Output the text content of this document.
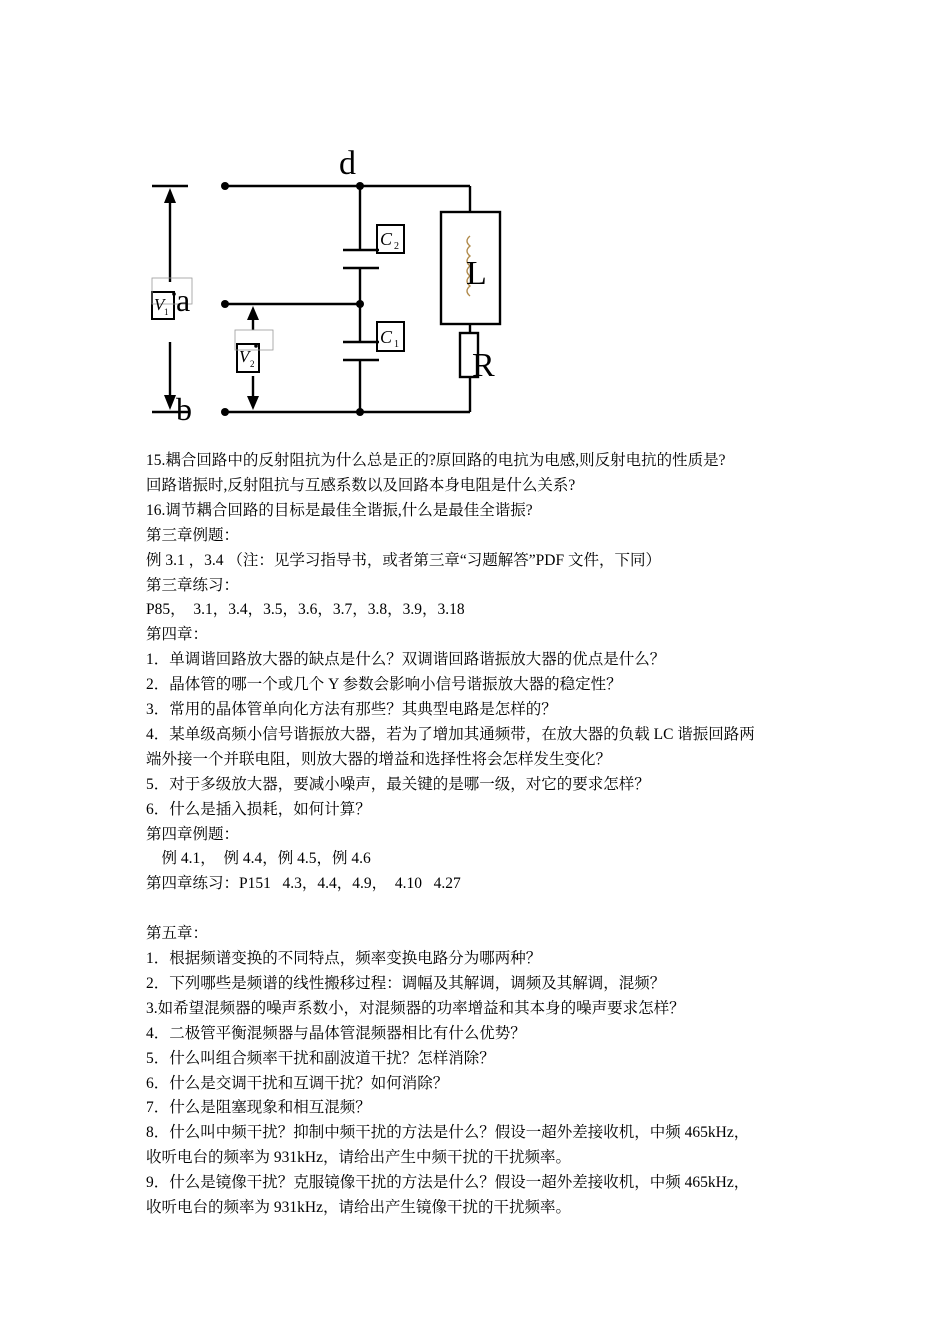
d
a
b
L
R
C 2
C 1
V 1
V 2
15.耦合回路中的反射阻抗为什么总是正的?原回路的电抗为电感,则反射电抗的性质是?
回路谐振时,反射阻抗与互感系数以及回路本身电阻是什么关系?
16.调节耦合回路的目标是最佳全谐振,什么是最佳全谐振?
第三章例题：
例 3.1 ，3.4 （注：见学习指导书，或者第三章“习题解答”PDF 文件，下同）
第三章练习：
P85，  3.1，3.4，3.5，3.6，3.7，3.8，3.9，3.18
第四章：
1．单调谐回路放大器的缺点是什么？双调谐回路谐振放大器的优点是什么？
2．晶体管的哪一个或几个 Y 参数会影响小信号谐振放大器的稳定性？
3．常用的晶体管单向化方法有那些？其典型电路是怎样的？
4．某单级高频小信号谐振放大器，若为了增加其通频带，在放大器的负载 LC 谐振回路两
端外接一个并联电阻，则放大器的增益和选择性将会怎样发生变化？
5．对于多级放大器，要减小噪声，最关键的是哪一级，对它的要求怎样？
6．什么是插入损耗，如何计算？
第四章例题：
例 4.1，  例 4.4，例 4.5，例 4.6
第四章练习：P151   4.3，4.4，4.9，  4.10   4.27
第五章：
1．根据频谱变换的不同特点，频率变换电路分为哪两种？
2．下列哪些是频谱的线性搬移过程：调幅及其解调，调频及其解调，混频？
3.如希望混频器的噪声系数小，对混频器的功率增益和其本身的噪声要求怎样？
4．二极管平衡混频器与晶体管混频器相比有什么优势？
5．什么叫组合频率干扰和副波道干扰？怎样消除？
6．什么是交调干扰和互调干扰？如何消除？
7．什么是阻塞现象和相互混频？
8．什么叫中频干扰？抑制中频干扰的方法是什么？假设一超外差接收机，中频 465kHz，
收听电台的频率为 931kHz，请给出产生中频干扰的干扰频率。
9．什么是镜像干扰？克服镜像干扰的方法是什么？假设一超外差接收机，中频 465kHz，
收听电台的频率为 931kHz，请给出产生镜像干扰的干扰频率。
